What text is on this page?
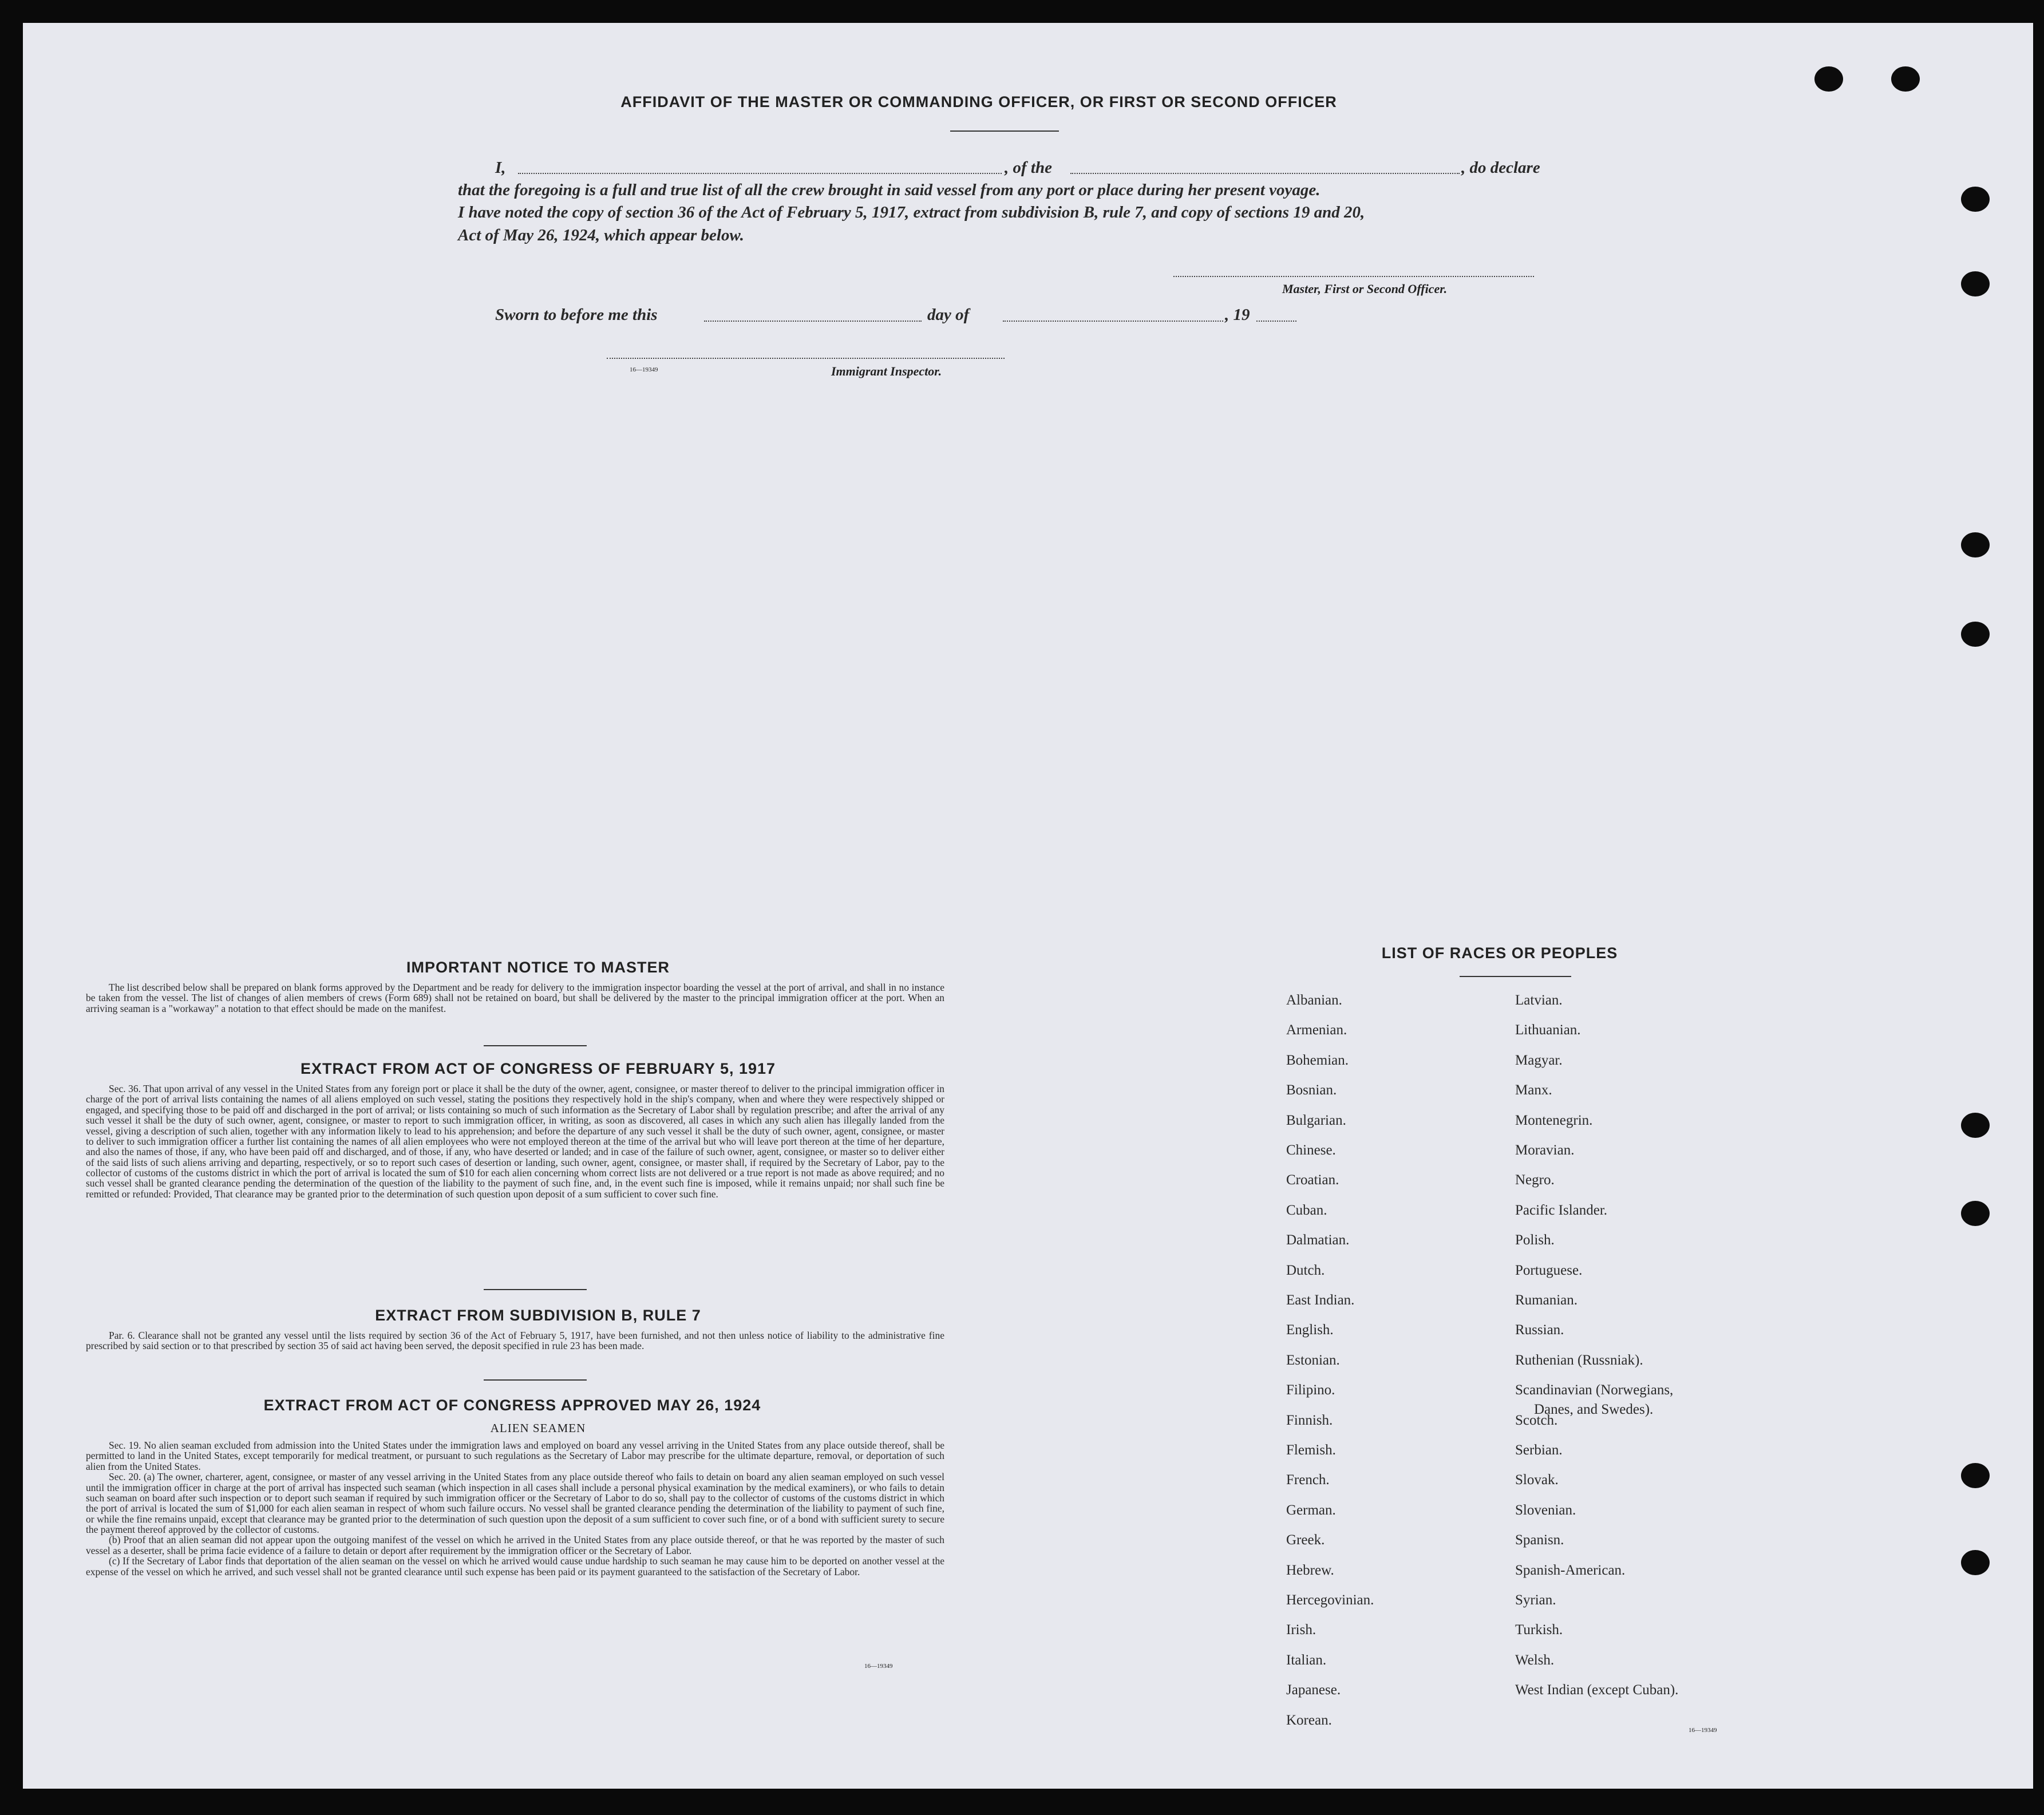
AFFIDAVIT OF THE MASTER OR COMMANDING OFFICER, OR FIRST OR SECOND OFFICER
I,	, of the	, do declare
that the foregoing is a full and true list of all the crew brought in said vessel from any port or place during her present voyage.
I have noted the copy of section 36 of the Act of February 5, 1917, extract from subdivision B, rule 7, and copy of sections 19 and 20,
Act of May 26, 1924, which appear below.
Master, First or Second Officer.
Sworn to before me this	day of	, 19
16—19349	Immigrant Inspector.
IMPORTANT NOTICE TO MASTER

The list described below shall be prepared on blank forms approved by the Department and be ready for delivery to the immigration inspector boarding the vessel at the port of arrival, and shall in no instance be taken from the vessel. The list of changes of alien members of crews (Form 689) shall not be retained on board, but shall be delivered by the master to the principal immigration officer at the port. When an arriving seaman is a "workaway" a notation to that effect should be made on the manifest.

EXTRACT FROM ACT OF CONGRESS OF FEBRUARY 5, 1917

Sec. 36. That upon arrival of any vessel in the United States from any foreign port or place it shall be the duty of the owner, agent, consignee, or master thereof to deliver to the principal immigration officer in charge of the port of arrival lists containing the names of all aliens employed on such vessel, stating the positions they respectively hold in the ship's company, when and where they were respectively shipped or engaged, and specifying those to be paid off and discharged in the port of arrival; or lists containing so much of such information as the Secretary of Labor shall by regulation prescribe; and after the arrival of any such vessel it shall be the duty of such owner, agent, consignee, or master to report to such immigration officer, in writing, as soon as discovered, all cases in which any such alien has illegally landed from the vessel, giving a description of such alien, together with any information likely to lead to his apprehension; and before the departure of any such vessel it shall be the duty of such owner, agent, consignee, or master to deliver to such immigration officer a further list containing the names of all alien employees who were not employed thereon at the time of the arrival but who will leave port thereon at the time of her departure, and also the names of those, if any, who have been paid off and discharged, and of those, if any, who have deserted or landed; and in case of the failure of such owner, agent, consignee, or master so to deliver either of the said lists of such aliens arriving and departing, respectively, or so to report such cases of desertion or landing, such owner, agent, consignee, or master shall, if required by the Secretary of Labor, pay to the collector of customs of the customs district in which the port of arrival is located the sum of $10 for each alien concerning whom correct lists are not delivered or a true report is not made as above required; and no such vessel shall be granted clearance pending the determination of the question of the liability to the payment of such fine, and, in the event such fine is imposed, while it remains unpaid; nor shall such fine be remitted or refunded: Provided, That clearance may be granted prior to the determination of such question upon deposit of a sum sufficient to cover such fine.

EXTRACT FROM SUBDIVISION B, RULE 7

Par. 6. Clearance shall not be granted any vessel until the lists required by section 36 of the Act of February 5, 1917, have been furnished, and not then unless notice of liability to the administrative fine prescribed by said section or to that prescribed by section 35 of said act having been served, the deposit specified in rule 23 has been made.

EXTRACT FROM ACT OF CONGRESS APPROVED MAY 26, 1924
ALIEN SEAMEN

Sec. 19. No alien seaman excluded from admission into the United States under the immigration laws and employed on board any vessel arriving in the United States from any place outside thereof, shall be permitted to land in the United States, except temporarily for medical treatment, or pursuant to such regulations as the Secretary of Labor may prescribe for the ultimate departure, removal, or deportation of such alien from the United States.

Sec. 20. (a) The owner, charterer, agent, consignee, or master of any vessel arriving in the United States from any place outside thereof who fails to detain on board any alien seaman employed on such vessel until the immigration officer in charge at the port of arrival has inspected such seaman (which inspection in all cases shall include a personal physical examination by the medical examiners), or who fails to detain such seaman on board after such inspection or to deport such seaman if required by such immigration officer or the Secretary of Labor to do so, shall pay to the collector of customs of the customs district in which the port of arrival is located the sum of $1,000 for each alien seaman in respect of whom such failure occurs. No vessel shall be granted clearance pending the determination of the liability to payment of such fine, or while the fine remains unpaid, except that clearance may be granted prior to the determination of such question upon the deposit of a sum sufficient to cover such fine, or of a bond with sufficient surety to secure the payment thereof approved by the collector of customs.

(b) Proof that an alien seaman did not appear upon the outgoing manifest of the vessel on which he arrived in the United States from any place outside thereof, or that he was reported by the master of such vessel as a deserter, shall be prima facie evidence of a failure to detain or deport after requirement by the immigration officer or the Secretary of Labor.

(c) If the Secretary of Labor finds that deportation of the alien seaman on the vessel on which he arrived would cause undue hardship to such seaman he may cause him to be deported on another vessel at the expense of the vessel on which he arrived, and such vessel shall not be granted clearance until such expense has been paid or its payment guaranteed to the satisfaction of the Secretary of Labor.

16—19349
LIST OF RACES OR PEOPLES
Albanian.
Armenian.
Bohemian.
Bosnian.
Bulgarian.
Chinese.
Croatian.
Cuban.
Dalmatian.
Dutch.
East Indian.
English.
Estonian.
Filipino.
Finnish.
Flemish.
French.
German.
Greek.
Hebrew.
Hercegovinian.
Irish.
Italian.
Japanese.
Korean.
Latvian.
Lithuanian.
Magyar.
Manx.
Montenegrin.
Moravian.
Negro.
Pacific Islander.
Polish.
Portuguese.
Rumanian.
Russian.
Ruthenian (Russniak).
Scandinavian (Norwegians,
Danes, and Swedes).
Scotch.
Serbian.
Slovak.
Slovenian.
Spanisn.
Spanish-American.
Syrian.
Turkish.
Welsh.
West Indian (except Cuban).
16—19349
